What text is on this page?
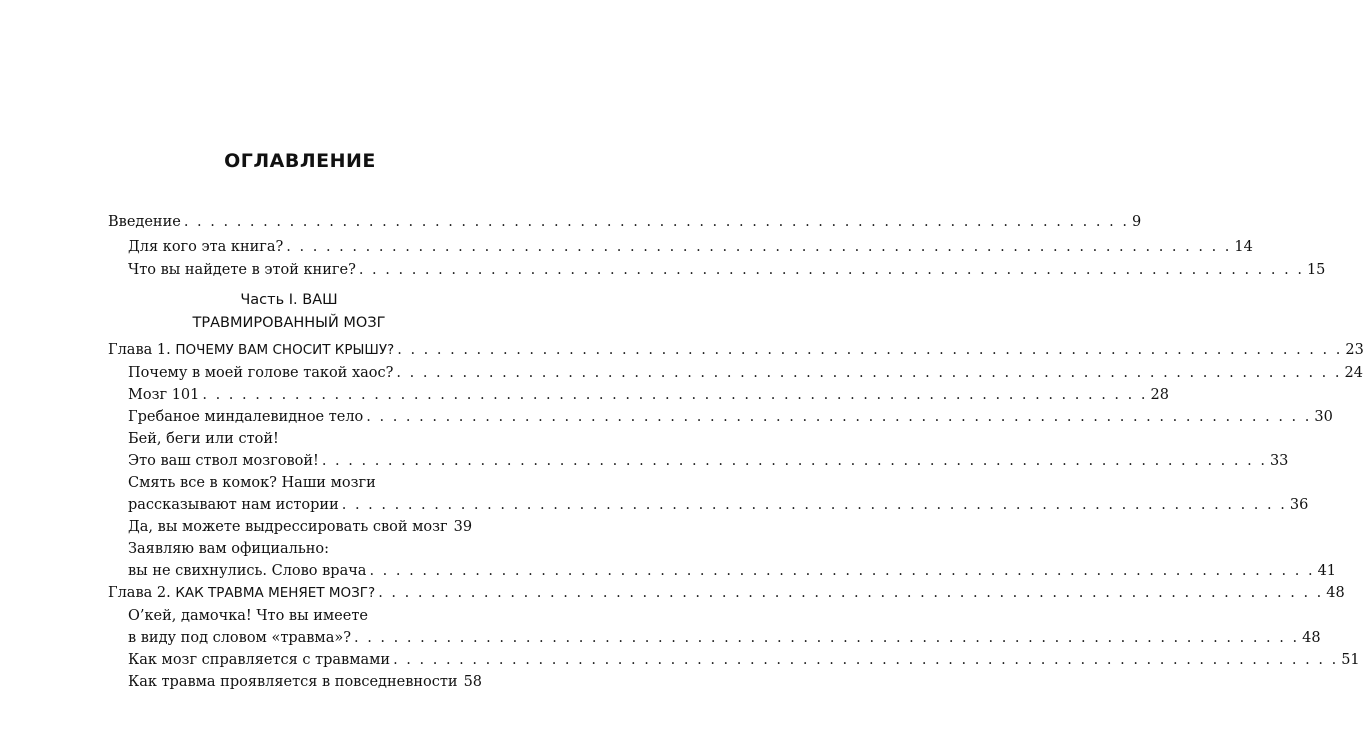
ОГЛАВЛЕНИЕ
Введение . . .	9
Для кого эта книга? . . .	14
Что вы найдете в этой книге? . . .	15
Часть I. ВАШ
ТРАВМИРОВАННЫЙ МОЗГ
Глава 1. ПОЧЕМУ ВАМ СНОСИТ КРЫШУ? . . .	23
Почему в моей голове такой хаос? . . .	24
Мозг 101 . . .	28
Гребаное миндалевидное тело . . .	30
Бей, беги или стой!
Это ваш ствол мозговой! . . .	33
Смять все в комок? Наши мозги
рассказывают нам истории . . .	36
Да, вы можете выдрессировать свой мозг 39
Заявляю вам официально:
вы не свихнулись. Слово врача . . .	41
Глава 2. КАК ТРАВМА МЕНЯЕТ МОЗГ? . . .	48
О’кей, дамочка! Что вы имеете
в виду под словом «травма»? . . .	48
Как мозг справляется с травмами . . .	51
Как травма проявляется в повседневности 58
